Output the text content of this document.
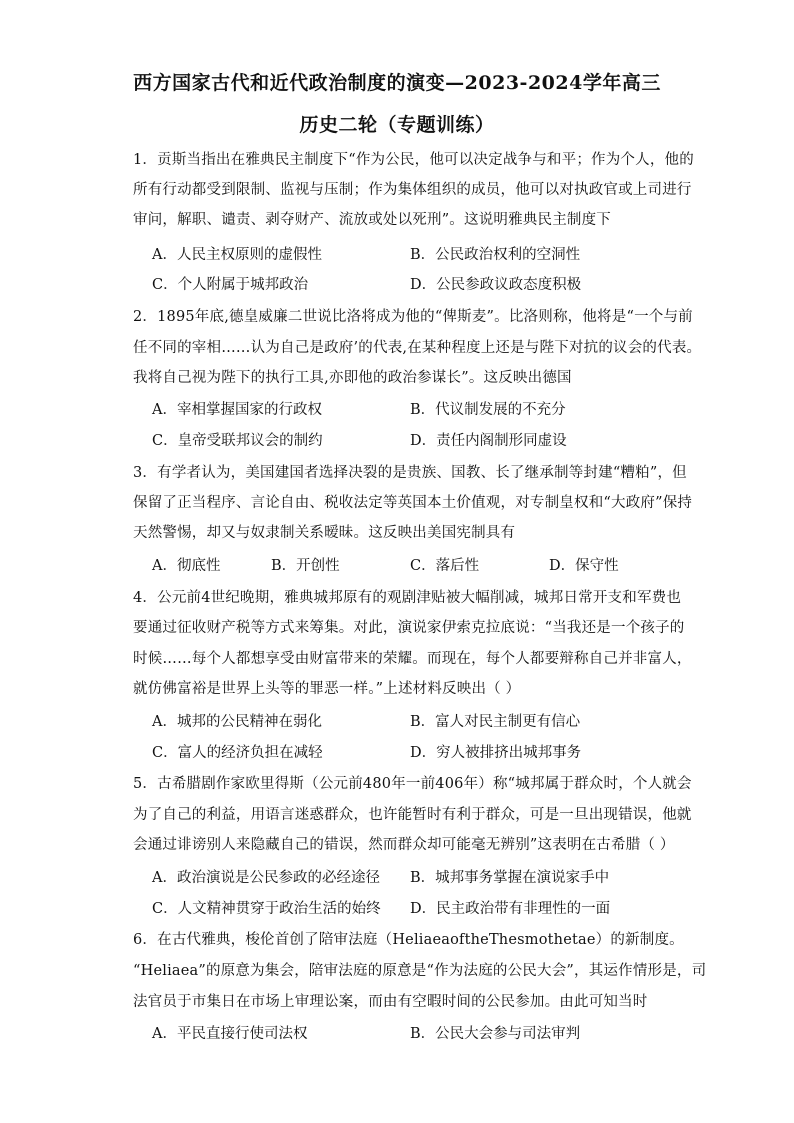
西方国家古代和近代政治制度的演变—2023-2024学年高三
历史二轮（专题训练）
1．贡斯当指出在雅典民主制度下“作为公民，他可以决定战争与和平；作为个人，他的
所有行动都受到限制、监视与压制；作为集体组织的成员，他可以对执政官或上司进行
审问，解职、谴责、剥夺财产、流放或处以死刑”。这说明雅典民主制度下
A．人民主权原则的虚假性	B．公民政治权利的空洞性
C．个人附属于城邦政治	D．公民参政议政态度积极
2．1895年底,德皇威廉二世说比洛将成为他的“俾斯麦”。比洛则称，他将是“一个与前
任不同的宰相……认为自己是政府’的代表,在某种程度上还是与陛下对抗的议会的代表。
我将自己视为陛下的执行工具,亦即他的政治参谋长”。这反映出德国
A．宰相掌握国家的行政权	B．代议制发展的不充分
C．皇帝受联邦议会的制约	D．责任内阁制形同虚设
3．有学者认为，美国建国者选择决裂的是贵族、国教、长了继承制等封建“糟粕”，但
保留了正当程序、言论自由、税收法定等英国本土价值观，对专制皇权和“大政府”保持
天然警惕，却又与奴隶制关系暧昧。这反映出美国宪制具有
A．彻底性	B．开创性	C．落后性	D．保守性
4．公元前4世纪晚期，雅典城邦原有的观剧津贴被大幅削减，城邦日常开支和军费也
要通过征收财产税等方式来筹集。对此，演说家伊索克拉底说：“当我还是一个孩子的
时候……每个人都想享受由财富带来的荣耀。而现在，每个人都要辩称自己并非富人，
就仿佛富裕是世界上头等的罪恶一样。”上述材料反映出（ ）
A．城邦的公民精神在弱化	B．富人对民主制更有信心
C．富人的经济负担在减轻	D．穷人被排挤出城邦事务
5．古希腊剧作家欧里得斯（公元前480年一前406年）称“城邦属于群众时，个人就会
为了自己的利益，用语言迷惑群众，也许能暂时有利于群众，可是一旦出现错误，他就
会通过诽谤别人来隐藏自己的错误，然而群众却可能毫无辨别”这表明在古希腊（ ）
A．政治演说是公民参政的必经途径 B．城邦事务掌握在演说家手中
C．人文精神贯穿于政治生活的始终 D．民主政治带有非理性的一面
6．在古代雅典，梭伦首创了陪审法庭（HeliaeaoftheThesmothetae）的新制度。
“Heliaea”的原意为集会，陪审法庭的原意是“作为法庭的公民大会”，其运作情形是，司
法官员于市集日在市场上审理讼案，而由有空暇时间的公民参加。由此可知当时
A．平民直接行使司法权	B．公民大会参与司法审判
